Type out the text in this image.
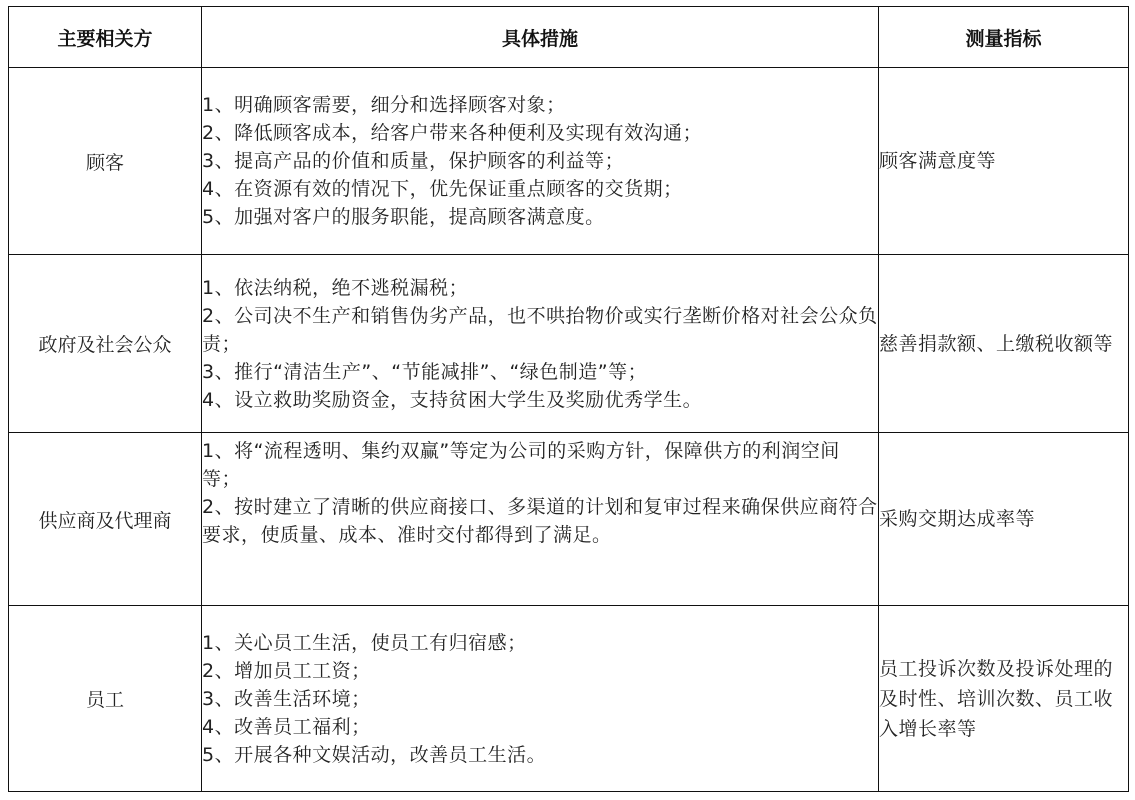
主要相关方	具体措施	测量指标
顾客	1、明确顾客需要，细分和选择顾客对象；
2、降低顾客成本，给客户带来各种便利及实现有效沟通；
3、提高产品的价值和质量，保护顾客的利益等；
4、在资源有效的情况下，优先保证重点顾客的交货期；
5、加强对客户的服务职能，提高顾客满意度。	顾客满意度等
政府及社会公众	1、依法纳税，绝不逃税漏税；
2、公司决不生产和销售伪劣产品，也不哄抬物价或实行垄断价格对社会公众负责；
3、推行“清洁生产”、“节能减排”、“绿色制造”等；
4、设立救助奖励资金，支持贫困大学生及奖励优秀学生。	慈善捐款额、上缴税收额等
供应商及代理商	1、将“流程透明、集约双赢”等定为公司的采购方针，保障供方的利润空间等；
2、按时建立了清晰的供应商接口、多渠道的计划和复审过程来确保供应商符合要求，使质量、成本、准时交付都得到了满足。	采购交期达成率等
员工	1、关心员工生活，使员工有归宿感；
2、增加员工工资；
3、改善生活环境；
4、改善员工福利；
5、开展各种文娱活动，改善员工生活。	员工投诉次数及投诉处理的及时性、培训次数、员工收入增长率等
